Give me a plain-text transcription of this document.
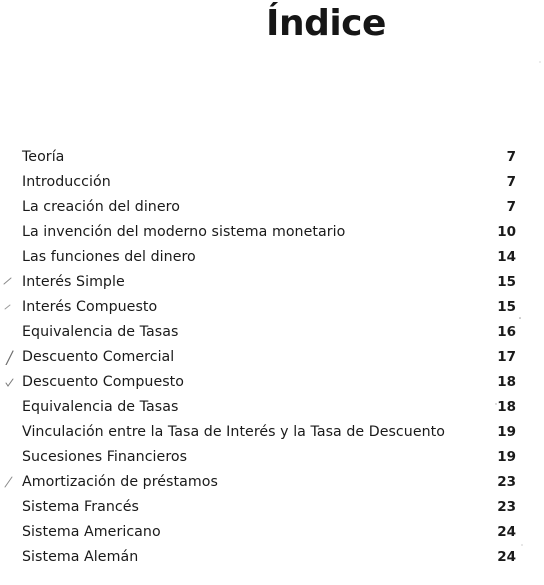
Índice
Teoría	7
Introducción	7
La creación del dinero	7
La invención del moderno sistema monetario	10
Las funciones del dinero	14
Interés Simple	15
Interés Compuesto	15
Equivalencia de Tasas	16
Descuento Comercial	17
Descuento Compuesto	18
Equivalencia de Tasas	18
Vinculación entre la Tasa de Interés y la Tasa de Descuento	19
Sucesiones Financieros	19
Amortización de préstamos	23
Sistema Francés	23
Sistema Americano	24
Sistema Alemán	24
